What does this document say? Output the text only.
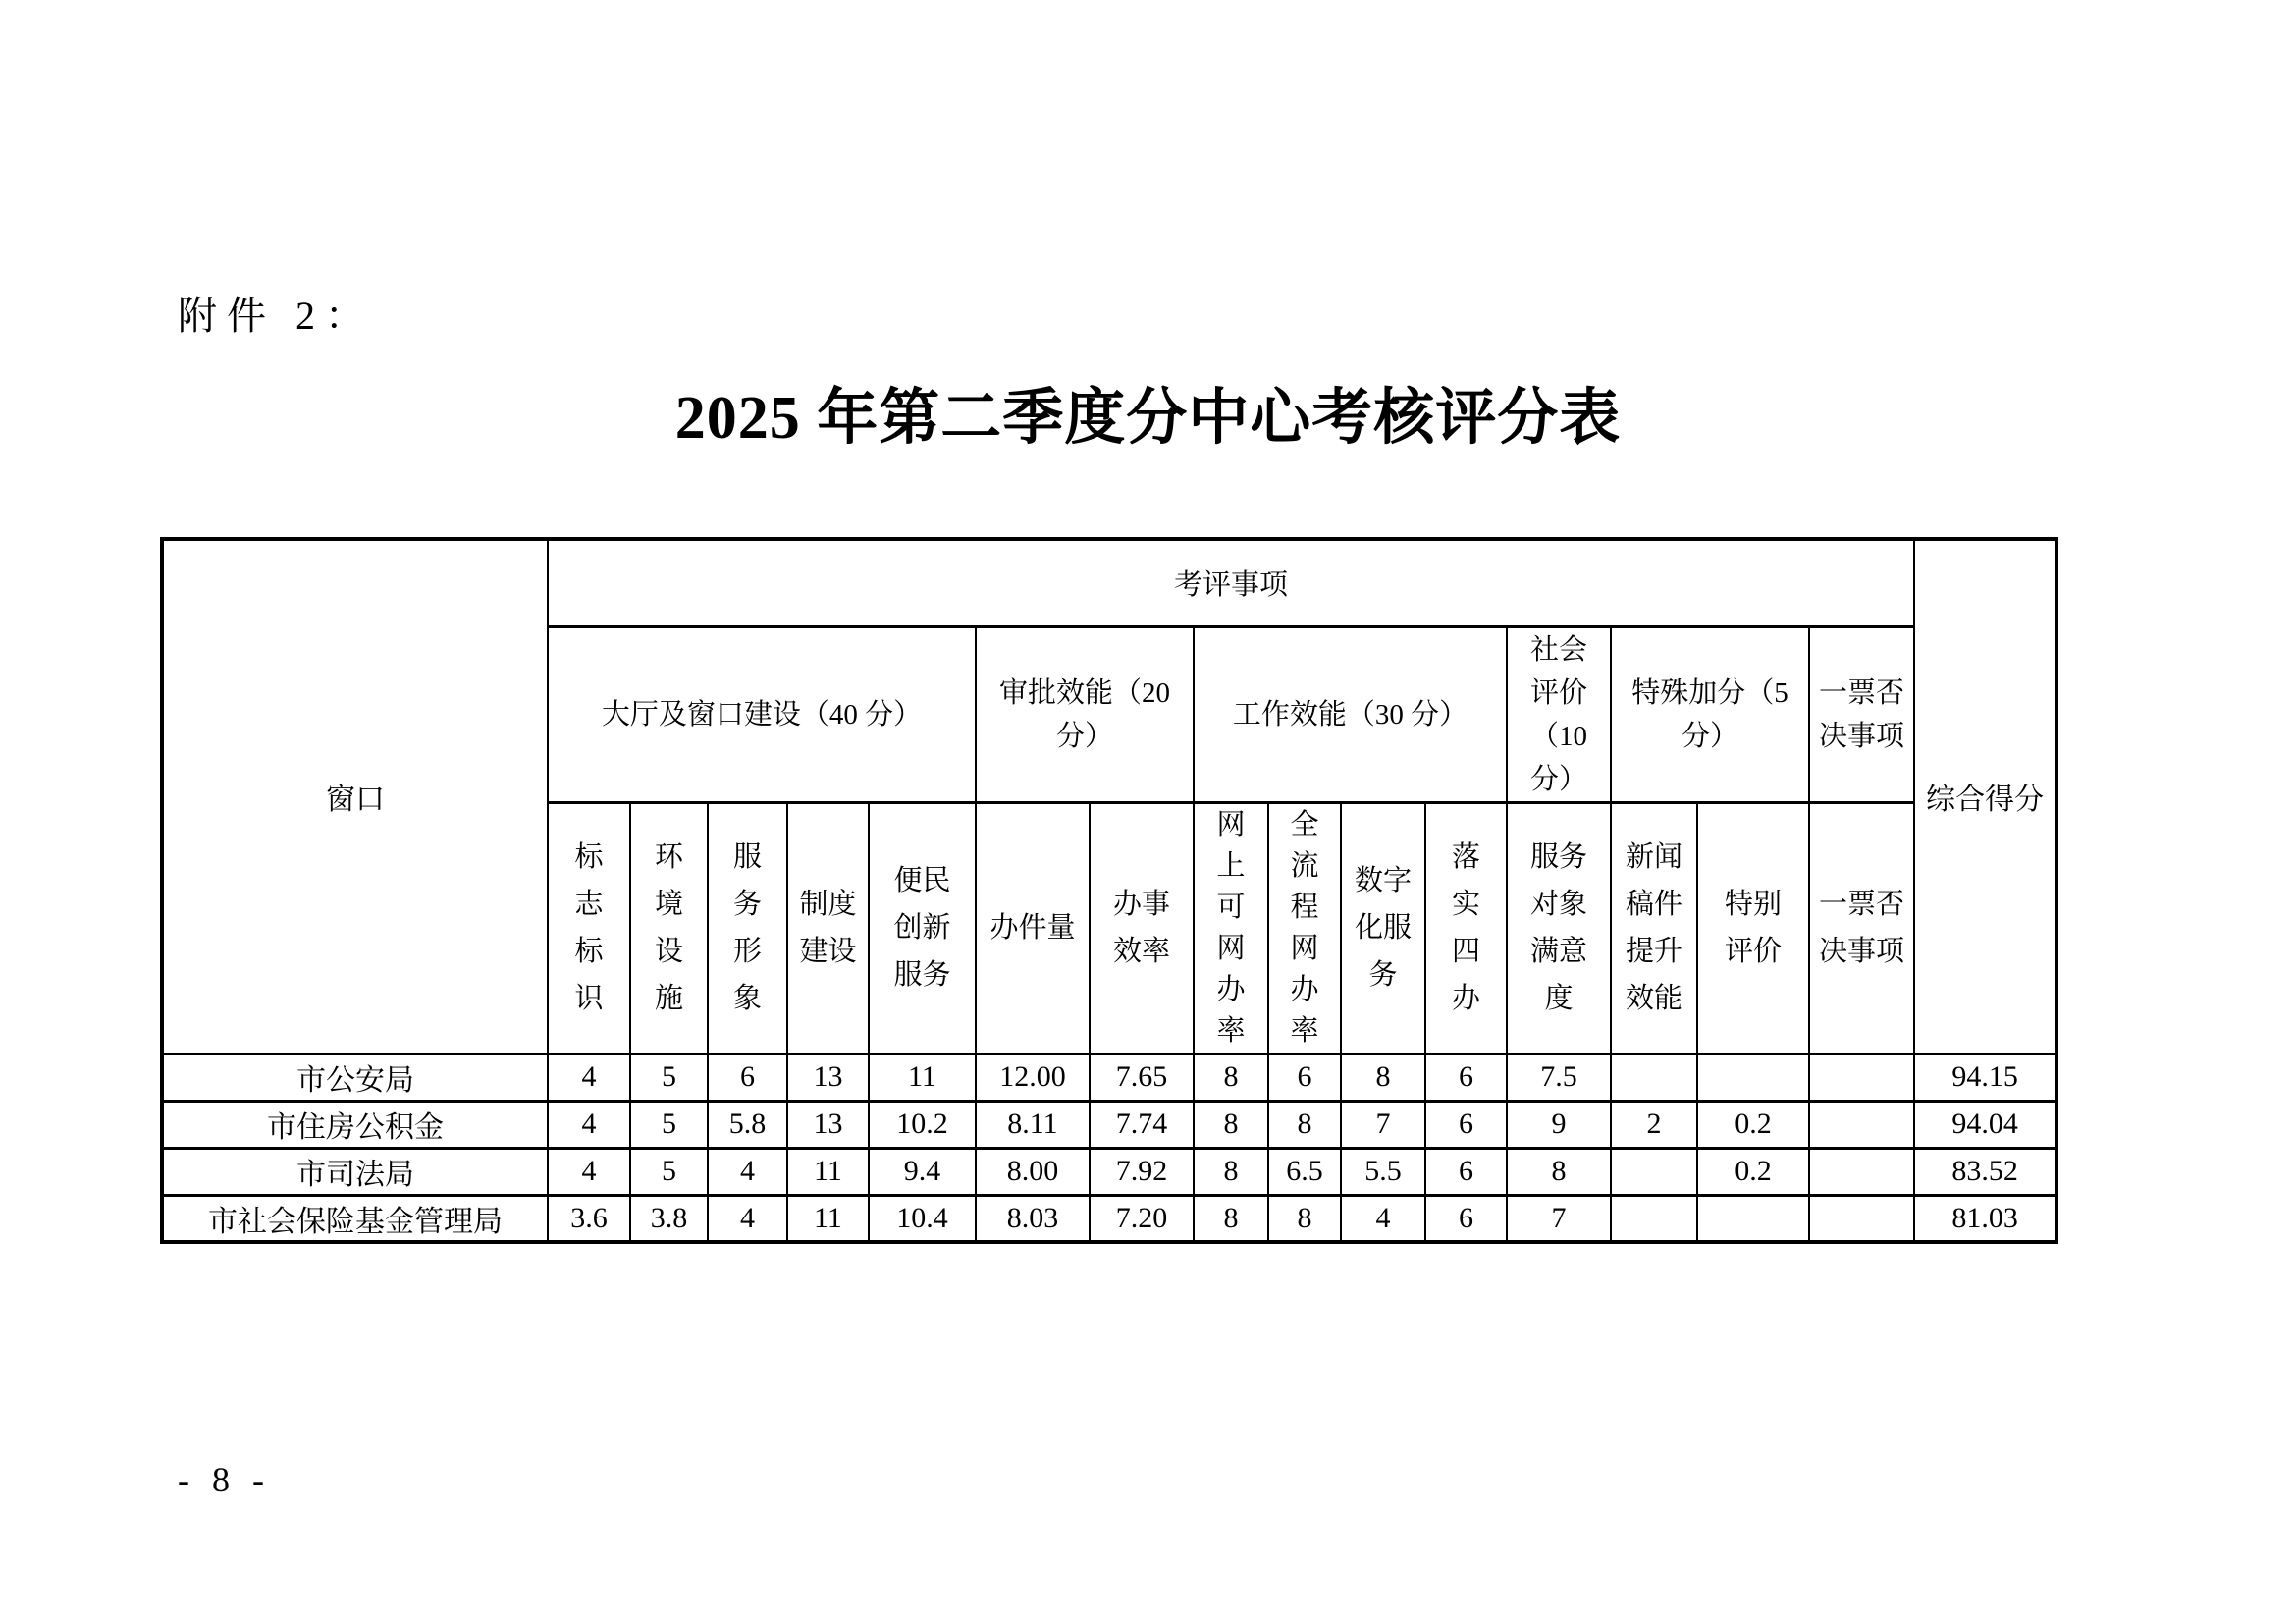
附件 2：
2025 年第二季度分中心考核评分表
窗口	考评事项															综合得分
	大厅及窗口建设（40 分）					审批效能（20 分）		工作效能（30 分）				社会评价（10 分）	特殊加分（5 分）		一票否决事项	
	标志标识	环境设施	服务形象	制度建设	便民创新服务	办件量	办事效率	网上可网办率	全流程网办率	数字化服务	落实四办	服务对象满意度	新闻稿件提升效能	特别评价	一票否决事项	
市公安局	4	5	6	13	11	12.00	7.65	8	6	8	6	7.5				94.15
市住房公积金	4	5	5.8	13	10.2	8.11	7.74	8	8	7	6	9	2	0.2		94.04
市司法局	4	5	4	11	9.4	8.00	7.92	8	6.5	5.5	6	8		0.2		83.52
市社会保险基金管理局	3.6	3.8	4	11	10.4	8.03	7.20	8	8	4	6	7				81.03
- 8 -
